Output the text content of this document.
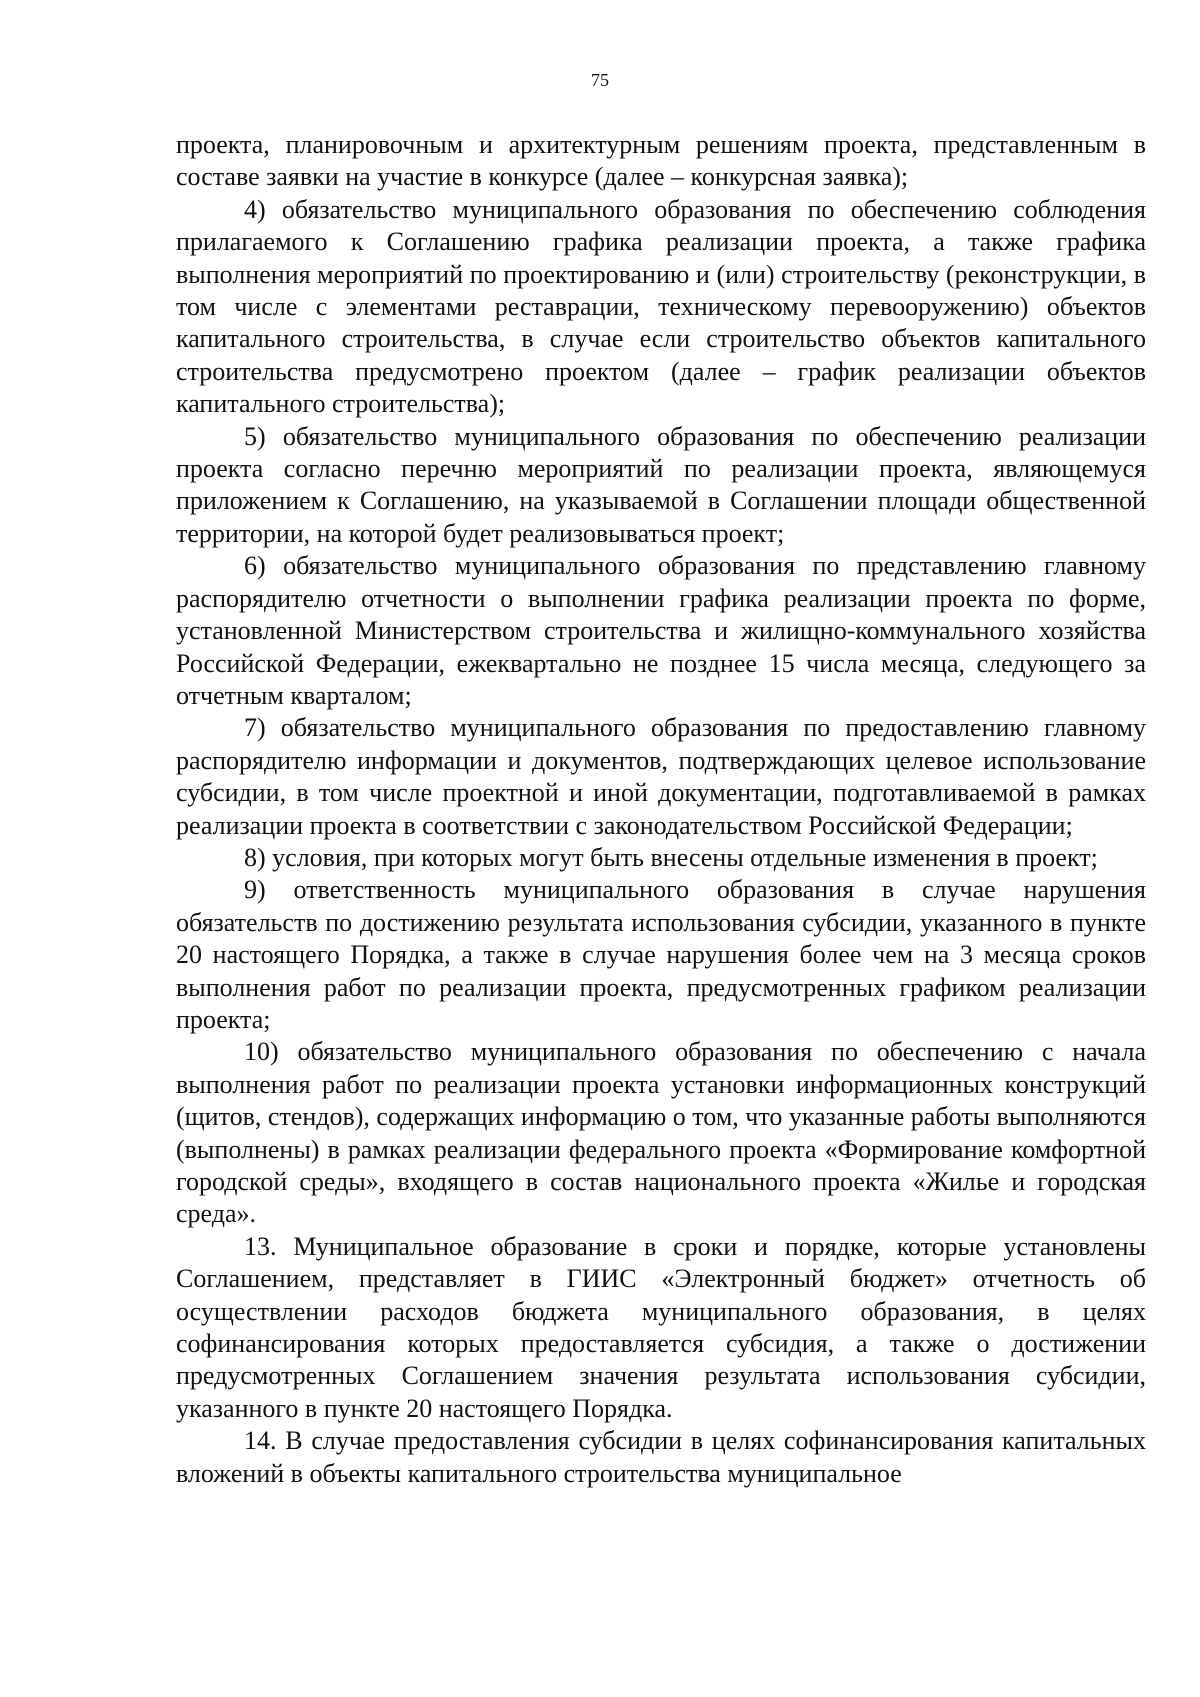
75

проекта, планировочным и архитектурным решениям проекта, представленным в составе заявки на участие в конкурсе (далее – конкурсная заявка);

4) обязательство муниципального образования по обеспечению соблюдения прилагаемого к Соглашению графика реализации проекта, а также графика выполнения мероприятий по проектированию и (или) строительству (реконструкции, в том числе с элементами реставрации, техническому перевооружению) объектов капитального строительства, в случае если строительство объектов капитального строительства предусмотрено проектом (далее – график реализации объектов капитального строительства);

5) обязательство муниципального образования по обеспечению реализации проекта согласно перечню мероприятий по реализации проекта, являющемуся приложением к Соглашению, на указываемой в Соглашении площади общественной территории, на которой будет реализовываться проект;

6) обязательство муниципального образования по представлению главному распорядителю отчетности о выполнении графика реализации проекта по форме, установленной Министерством строительства и жилищно-коммунального хозяйства Российской Федерации, ежеквартально не позднее 15 числа месяца, следующего за отчетным кварталом;

7) обязательство муниципального образования по предоставлению главному распорядителю информации и документов, подтверждающих целевое использование субсидии, в том числе проектной и иной документации, подготавливаемой в рамках реализации проекта в соответствии с законодательством Российской Федерации;

8) условия, при которых могут быть внесены отдельные изменения в проект;

9) ответственность муниципального образования в случае нарушения обязательств по достижению результата использования субсидии, указанного в пункте 20 настоящего Порядка, а также в случае нарушения более чем на 3 месяца сроков выполнения работ по реализации проекта, предусмотренных графиком реализации проекта;

10) обязательство муниципального образования по обеспечению с начала выполнения работ по реализации проекта установки информационных конструкций (щитов, стендов), содержащих информацию о том, что указанные работы выполняются (выполнены) в рамках реализации федерального проекта «Формирование комфортной городской среды», входящего в состав национального проекта «Жилье и городская среда».

13. Муниципальное образование в сроки и порядке, которые установлены Соглашением, представляет в ГИИС «Электронный бюджет» отчетность об осуществлении расходов бюджета муниципального образования, в целях софинансирования которых предоставляется субсидия, а также о достижении предусмотренных Соглашением значения результата использования субсидии, указанного в пункте 20 настоящего Порядка.

14. В случае предоставления субсидии в целях софинансирования капитальных вложений в объекты капитального строительства муниципальное
